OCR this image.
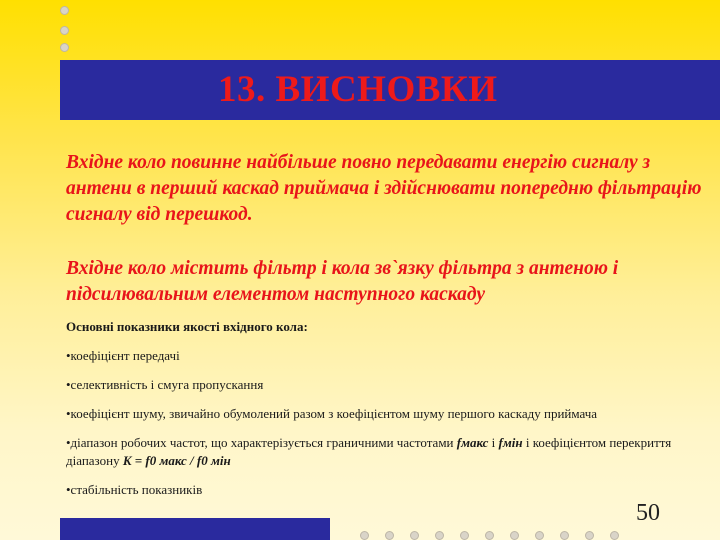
13. ВИСНОВКИ
Вхідне коло повинне найбільше повно передавати енергію сигналу з антени в перший каскад приймача і здійснювати попередню фільтрацію сигналу від перешкод.
Вхідне коло містить фільтр і кола зв`язку фільтра з антеною і підсилювальним елементом наступного каскаду
Основні показники якості вхідного кола:
•коефіцієнт передачі
•селективність і смуга пропускання
•коефіцієнт шуму, звичайно обумолений разом з коефіцієнтом шуму першого каскаду приймача
•діапазон робочих частот, що характерізується граничними частотами fмакс і fмін і коефіцієнтом перекриття діапазону K = f0 макс / f0 мін
•стабільність показників
50
